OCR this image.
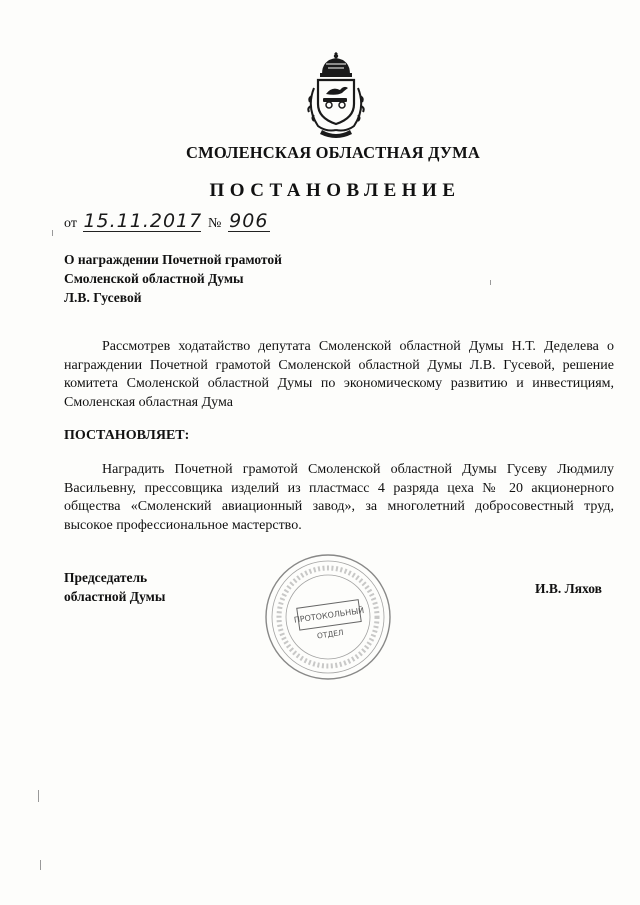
СМОЛЕНСКАЯ ОБЛАСТНАЯ ДУМА
ПОСТАНОВЛЕНИЕ
от 15.11.2017 № 906
О награждении Почетной грамотой
Смоленской областной Думы
Л.В. Гусевой
Рассмотрев ходатайство депутата Смоленской областной Думы Н.Т. Деделева о награждении Почетной грамотой Смоленской областной Думы Л.В. Гусевой, решение комитета Смоленской областной Думы по экономическому развитию и инвестициям, Смоленская областная Дума
ПОСТАНОВЛЯЕТ:
Наградить Почетной грамотой Смоленской областной Думы Гусеву Людмилу Васильевну, прессовщика изделий из пластмасс 4 разряда цеха № 20 акционерного общества «Смоленский авиационный завод», за многолетний добросовестный труд, высокое профессиональное мастерство.
Председатель
областной Думы
ПРОТОКОЛЬНЫЙ
ОТДЕЛ
И.В. Ляхов
